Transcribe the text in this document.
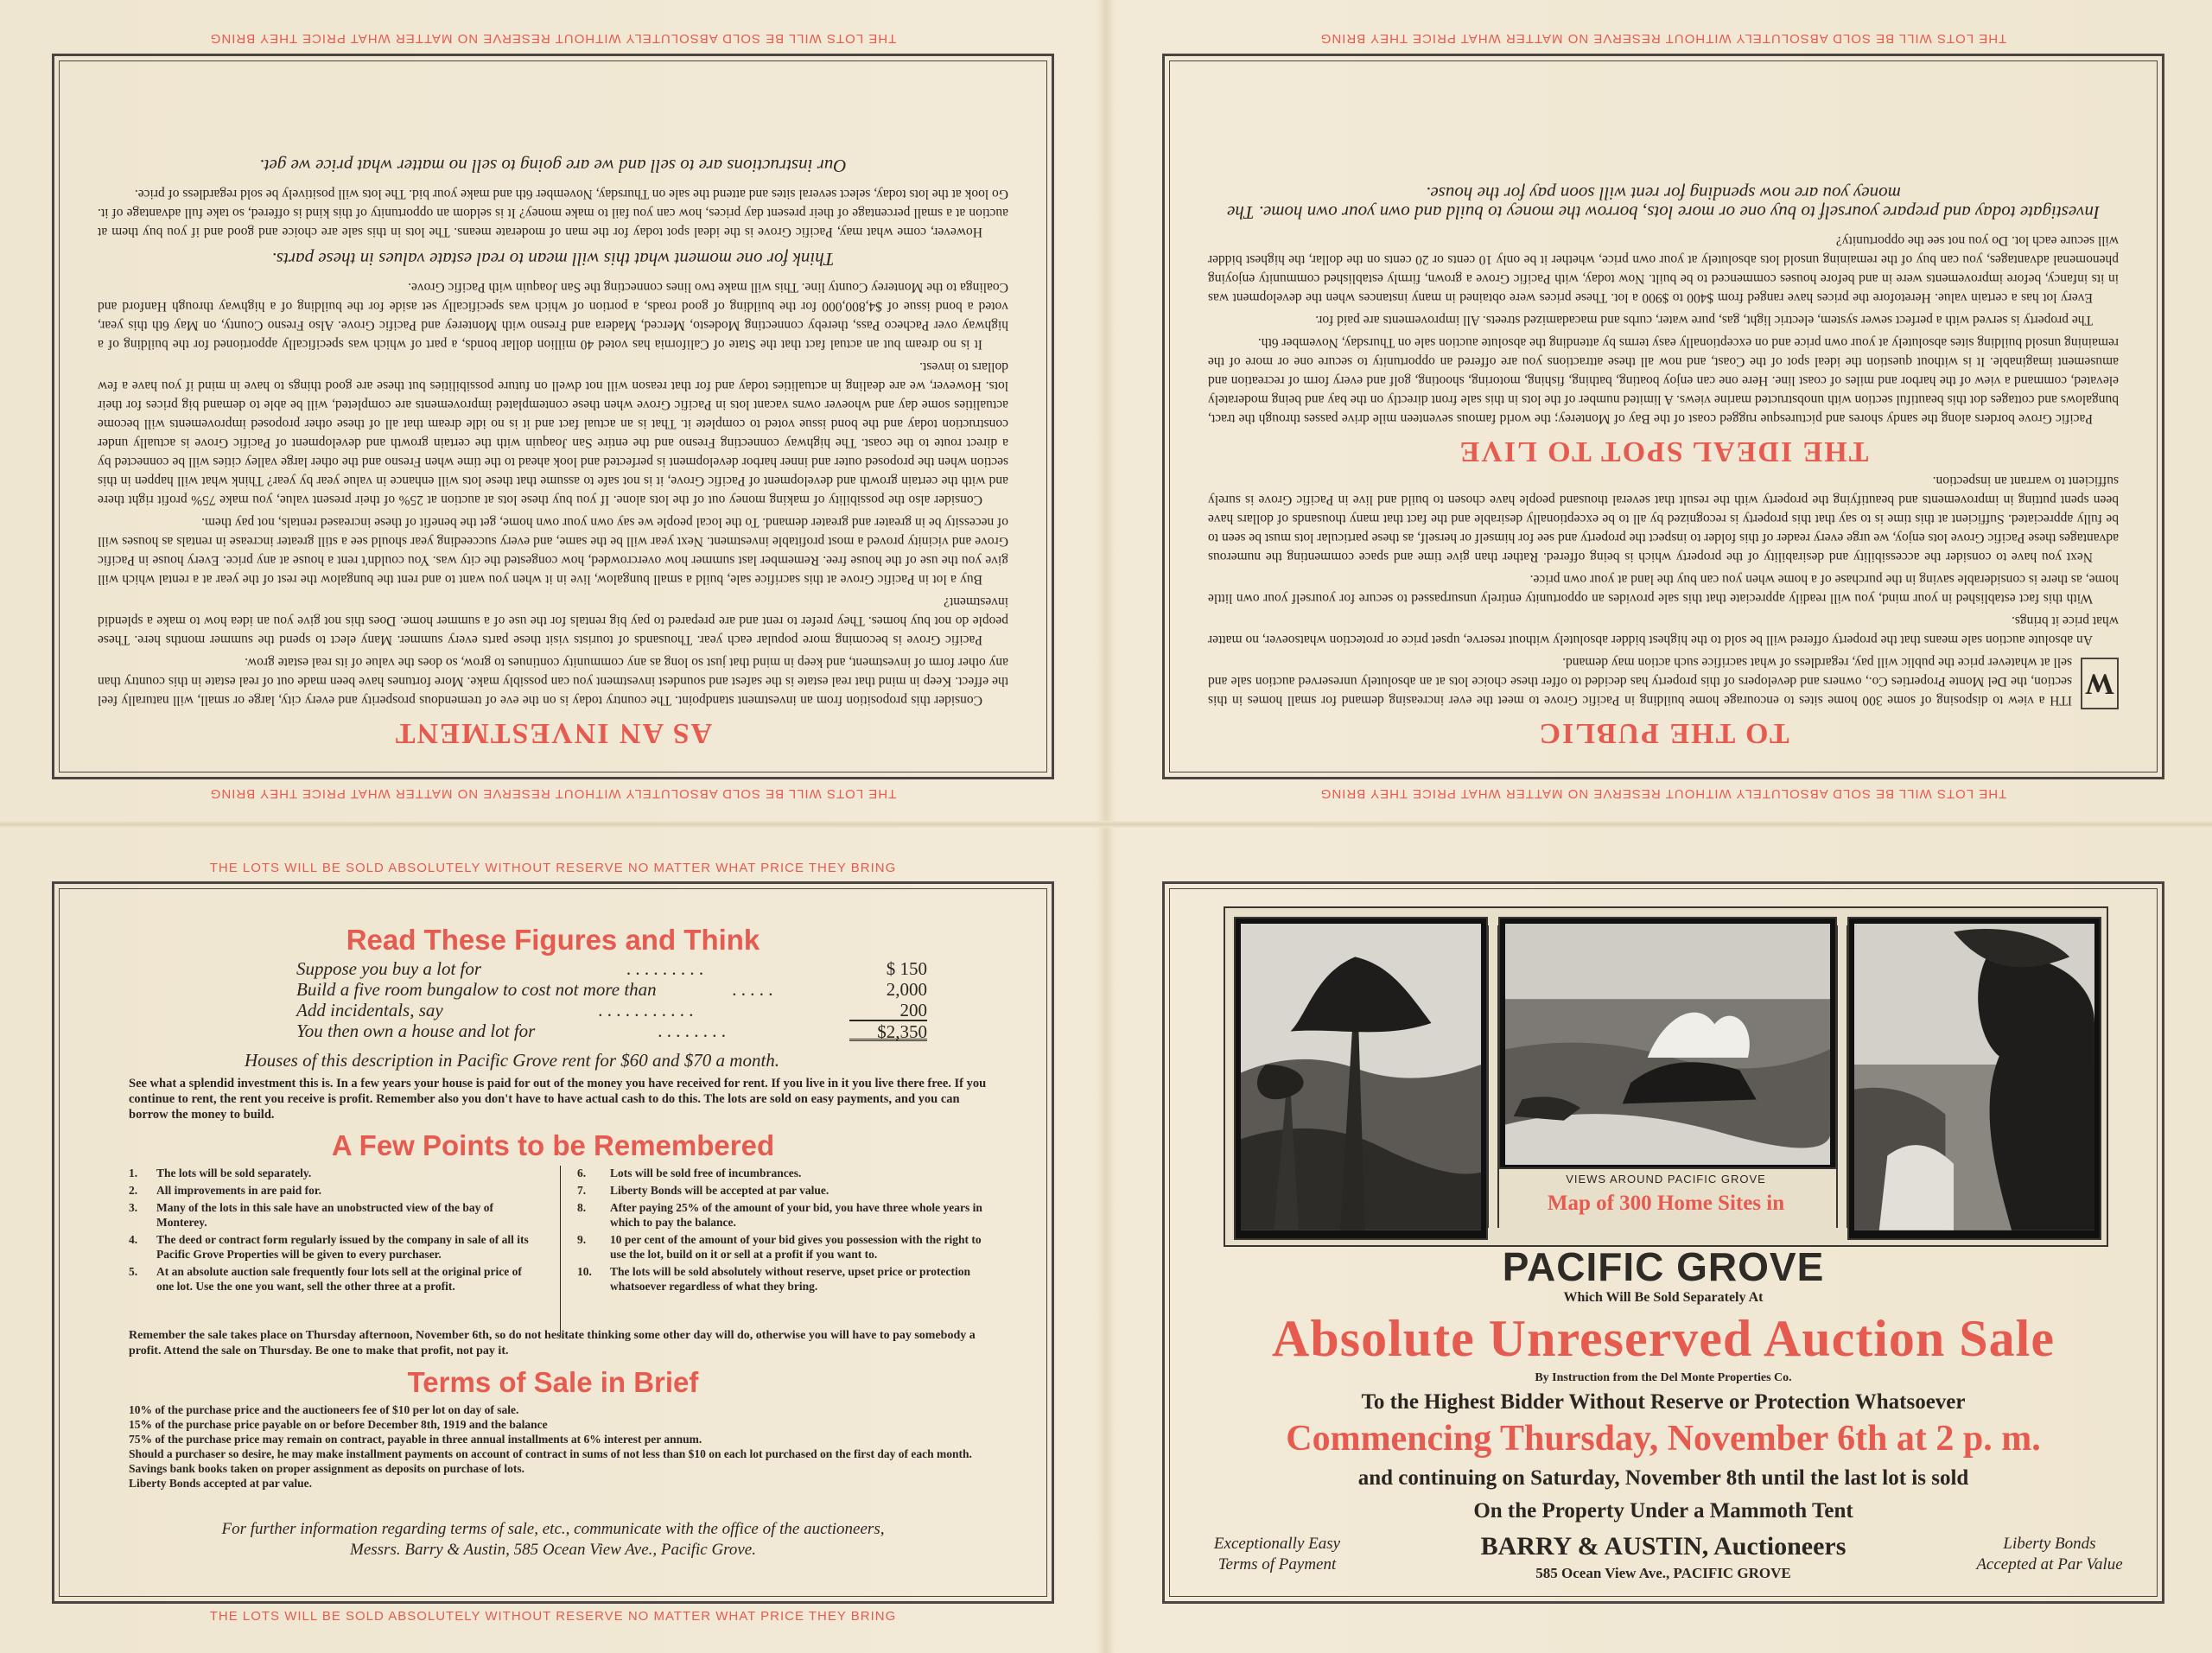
THE LOTS WILL BE SOLD ABSOLUTELY WITHOUT RESERVE NO MATTER WHAT PRICE THEY BRING
AS AN INVESTMENT

Consider this proposition from an investment standpoint. The country today is on the eve of tremendous prosperity and every city, large or small, will naturally feel the effect. Keep in mind that real estate is the safest and soundest investment you can possibly make. More fortunes have been made out of real estate in this country than any other form of investment, and keep in mind that just so long as any community continues to grow, so does the value of its real estate grow.

Pacific Grove is becoming more popular each year. Thousands of tourists visit these parts every summer. Many elect to spend the summer months here. These people do not buy homes. They prefer to rent and are prepared to pay big rentals for the use of a summer home. Does this not give you an idea how to make a splendid investment?

Buy a lot in Pacific Grove at this sacrifice sale, build a small bungalow, live in it when you want to and rent the bungalow the rest of the year at a rental which will give you the use of the house free. Remember last summer how overcrowded, how congested the city was. You couldn't rent a house at any price. Every house in Pacific Grove and vicinity proved a most profitable investment. Next year will be the same, and every succeeding year should see a still greater increase in rentals as houses will of necessity be in greater and greater demand. To the local people we say own your own home, get the benefit of these increased rentals, not pay them.

Consider also the possibility of making money out of the lots alone. If you buy these lots at auction at 25% of their present value, you make 75% profit right there and with the certain growth and development of Pacific Grove, it is not safe to assume that these lots will enhance in value year by year? Think what will happen in this section when the proposed outer and inner harbor development is perfected and look ahead to the time when Fresno and the other large valley cities will be connected by a direct route to the coast. The highway connecting Fresno and the entire San Joaquin with the certain growth and development of Pacific Grove is actually under construction today and the bond issue voted to complete it. That is an actual fact and it is no idle dream that all of these other proposed improvements will become actualities some day and whoever owns vacant lots in Pacific Grove when these contemplated improvements are completed, will be able to demand big prices for their lots. However, we are dealing in actualities today and for that reason will not dwell on future possibilities but these are good things to have in mind if you have a few dollars to invest.

It is no dream but an actual fact that the State of California has voted 40 million dollar bonds, a part of which was specifically apportioned for the building of a highway over Pacheco Pass, thereby connecting Modesto, Merced, Madera and Fresno with Monterey and Pacific Grove. Also Fresno County, on May 6th this year, voted a bond issue of $4,800,000 for the building of good roads, a portion of which was specifically set aside for the building of a highway through Hanford and Coalinga to the Monterey County line. This will make two lines connecting the San Joaquin with Pacific Grove.

Think for one moment what this will mean to real estate values in these parts.

However, come what may, Pacific Grove is the ideal spot today for the man of moderate means. The lots in this sale are choice and good and if you buy them at auction at a small percentage of their present day prices, how can you fail to make money? It is seldom an opportunity of this kind is offered, so take full advantage of it. Go look at the lots today, select several sites and attend the sale on Thursday, November 6th and make your bid. The lots will positively be sold regardless of price.

Our instructions are to sell and we are going to sell no matter what price we get.

THE LOTS WILL BE SOLD ABSOLUTELY WITHOUT RESERVE NO MATTER WHAT PRICE THEY BRING
THE LOTS WILL BE SOLD ABSOLUTELY WITHOUT RESERVE NO MATTER WHAT PRICE THEY BRING
TO THE PUBLIC
W

ITH a view to disposing of some 300 home sites to encourage home building in Pacific Grove to meet the ever increasing demand for small homes in this section, the Del Monte Properties Co., owners and developers of this property has decided to offer these choice lots at an absolutely unreserved auction sale and sell at whatever price the public will pay, regardless of what sacrifice such action may demand.

An absolute auction sale means that the property offered will be sold to the highest bidder absolutely without reserve, upset price or protection whatsoever, no matter what price it brings.

With this fact established in your mind, you will readily appreciate that this sale provides an opportunity entirely unsurpassed to secure for yourself your own little home, as there is considerable saving in the purchase of a home when you can buy the land at your own price.

Next you have to consider the accessibility and desirability of the property which is being offered. Rather than give time and space commenting the numerous advantages these Pacific Grove lots enjoy, we urge every reader of this folder to inspect the property and see for himself or herself, as these particular lots must be seen to be fully appreciated. Sufficient at this time is to say that this property is recognized by all to be exceptionally desirable and the fact that many thousands of dollars have been spent putting in improvements and beautifying the property with the result that several thousand people have chosen to build and live in Pacific Grove is surely sufficient to warrant an inspection.

THE IDEAL SPOT TO LIVE

Pacific Grove borders along the sandy shores and picturesque rugged coast of the Bay of Monterey; the world famous seventeen mile drive passes through the tract, bungalows and cottages dot this beautiful section with unobstructed marine views. A limited number of the lots in this sale front directly on the bay and being moderately elevated, command a view of the harbor and miles of coast line. Here one can enjoy boating, bathing, fishing, motoring, shooting, golf and every form of recreation and amusement imaginable. It is without question the ideal spot of the Coast, and now all these attractions you are offered an opportunity to secure one or more of the remaining unsold building sites absolutely at your own price and on exceptionally easy terms by attending the absolute auction sale on Thursday, November 6th.

The property is served with a perfect sewer system, electric light, gas, pure water, curbs and macadamized streets. All improvements are paid for.

Every lot has a certain value. Heretofore the prices have ranged from $400 to $900 a lot. These prices were obtained in many instances when the development was in its infancy, before improvements were in and before houses commenced to be built. Now today, with Pacific Grove a grown, firmly established community enjoying phenomenal advantages, you can buy of the remaining unsold lots absolutely at your own price, whether it be only 10 cents or 20 cents on the dollar, the highest bidder will secure each lot. Do you not see the opportunity?

Investigate today and prepare yourself to buy one or more lots, borrow the money to build and own your own home. The money you are now spending for rent will soon pay for the house.

THE LOTS WILL BE SOLD ABSOLUTELY WITHOUT RESERVE NO MATTER WHAT PRICE THEY BRING
THE LOTS WILL BE SOLD ABSOLUTELY WITHOUT RESERVE NO MATTER WHAT PRICE THEY BRING
Read These Figures and Think
Suppose you buy a lot for	. . . . . . . . .	$ 150
Build a five room bungalow to cost not more than	. . . . .	2,000
Add incidentals, say	. . . . . . . . . . .	200
You then own a house and lot for	. . . . . . . .	$2,350
Houses of this description in Pacific Grove rent for $60 and $70 a month.
See what a splendid investment this is. In a few years your house is paid for out of the money you have received for rent. If you live in it you live there free. If you continue to rent, the rent you receive is profit. Remember also you don't have to have actual cash to do this. The lots are sold on easy payments, and you can borrow the money to build.
A Few Points to be Remembered
1.	The lots will be sold separately.
2.	All improvements in are paid for.
3.	Many of the lots in this sale have an unobstructed view of the bay of Monterey.
4.	The deed or contract form regularly issued by the company in sale of all its Pacific Grove Properties will be given to every purchaser.
5.	At an absolute auction sale frequently four lots sell at the original price of one lot. Use the one you want, sell the other three at a profit.
6.	Lots will be sold free of incumbrances.
7.	Liberty Bonds will be accepted at par value.
8.	After paying 25% of the amount of your bid, you have three whole years in which to pay the balance.
9.	10 per cent of the amount of your bid gives you possession with the right to use the lot, build on it or sell at a profit if you want to.
10.	The lots will be sold absolutely without reserve, upset price or protection whatsoever regardless of what they bring.
Remember the sale takes place on Thursday afternoon, November 6th, so do not hesitate thinking some other day will do, otherwise you will have to pay somebody a profit. Attend the sale on Thursday. Be one to make that profit, not pay it.
Terms of Sale in Brief
10% of the purchase price and the auctioneers fee of $10 per lot on day of sale.
15% of the purchase price payable on or before December 8th, 1919 and the balance
75% of the purchase price may remain on contract, payable in three annual installments at 6% interest per annum.
Should a purchaser so desire, he may make installment payments on account of contract in sums of not less than $10 on each lot purchased on the first day of each month.
Savings bank books taken on proper assignment as deposits on purchase of lots.
Liberty Bonds accepted at par value.
For further information regarding terms of sale, etc., communicate with the office of the auctioneers,
Messrs. Barry & Austin, 585 Ocean View Ave., Pacific Grove.
THE LOTS WILL BE SOLD ABSOLUTELY WITHOUT RESERVE NO MATTER WHAT PRICE THEY BRING
VIEWS AROUND PACIFIC GROVE
Map of 300 Home Sites in
PACIFIC GROVE
Which Will Be Sold Separately At
Absolute Unreserved Auction Sale
By Instruction from the Del Monte Properties Co.
To the Highest Bidder Without Reserve or Protection Whatsoever
Commencing Thursday, November 6th at 2 p. m.
and continuing on Saturday, November 8th until the last lot is sold
On the Property Under a Mammoth Tent
Exceptionally Easy
Terms of Payment
BARRY & AUSTIN, Auctioneers
585 Ocean View Ave., PACIFIC GROVE
Liberty Bonds
Accepted at Par Value
